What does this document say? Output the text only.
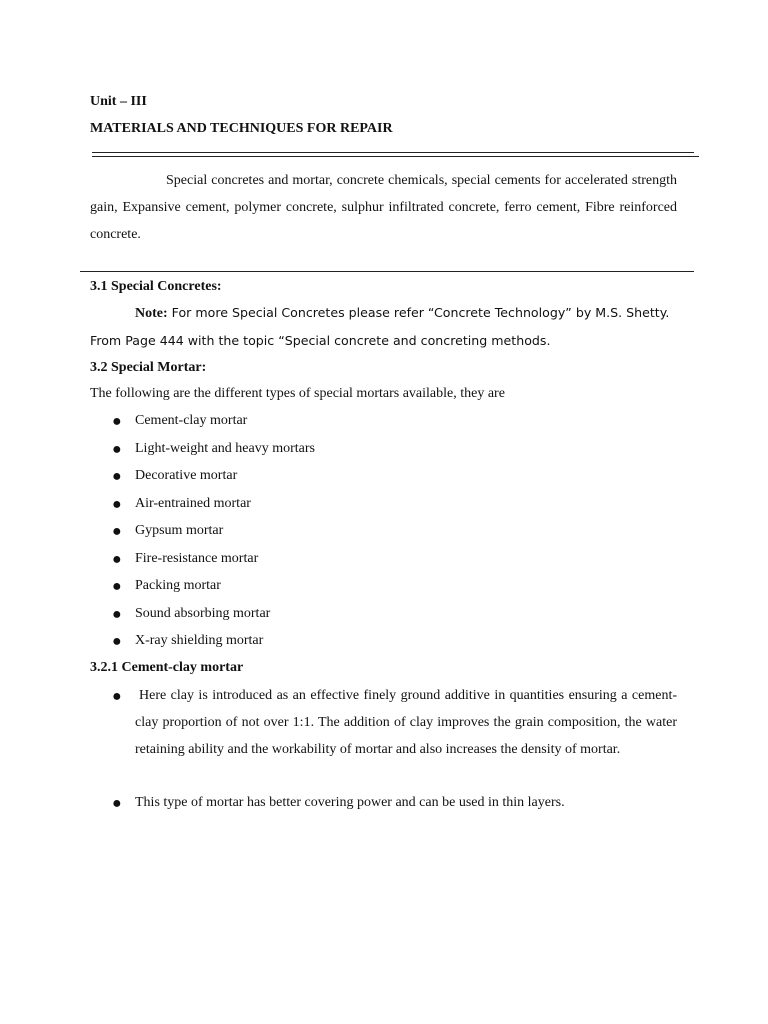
Unit – III
MATERIALS AND TECHNIQUES FOR REPAIR
Special concretes and mortar, concrete chemicals, special cements for accelerated strength gain, Expansive cement, polymer concrete, sulphur infiltrated concrete, ferro cement, Fibre reinforced concrete.
3.1 Special Concretes:
Note: For more Special Concretes please refer “Concrete Technology” by M.S. Shetty.
From Page 444 with the topic “Special concrete and concreting methods.
3.2 Special Mortar:
The following are the different types of special mortars available, they are
● Cement-clay mortar
● Light-weight and heavy mortars
● Decorative mortar
● Air-entrained mortar
● Gypsum mortar
● Fire-resistance mortar
● Packing mortar
● Sound absorbing mortar
● X-ray shielding mortar
3.2.1 Cement-clay mortar
● Here clay is introduced as an effective finely ground additive in quantities ensuring a cement-clay proportion of not over 1:1. The addition of clay improves the grain composition, the water retaining ability and the workability of mortar and also increases the density of mortar.
● This type of mortar has better covering power and can be used in thin layers.
